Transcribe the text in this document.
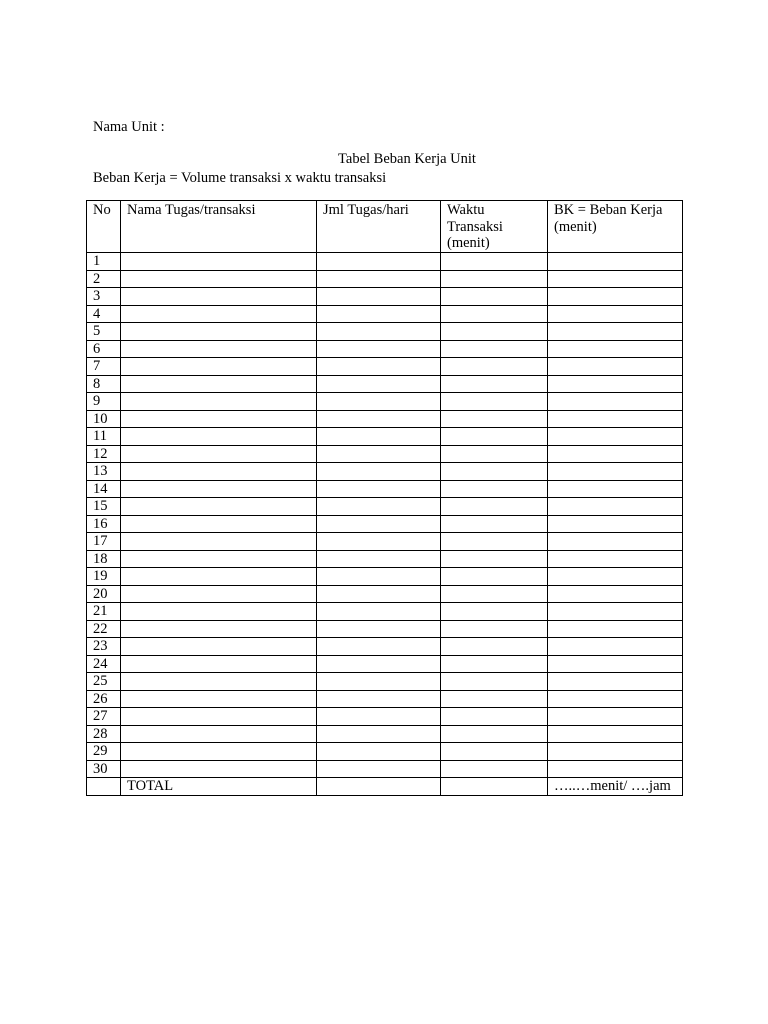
Nama Unit :
Tabel Beban Kerja Unit
Beban Kerja = Volume transaksi x waktu transaksi
No	Nama Tugas/transaksi	Jml Tugas/hari	Waktu Transaksi (menit)	BK = Beban Kerja (menit)
1				
2				
3				
4				
5				
6				
7				
8				
9				
10				
11				
12				
13				
14				
15				
16				
17				
18				
19				
20				
21				
22				
23				
24				
25				
26				
27				
28				
29				
30				
	TOTAL			…..…menit/ ….jam
